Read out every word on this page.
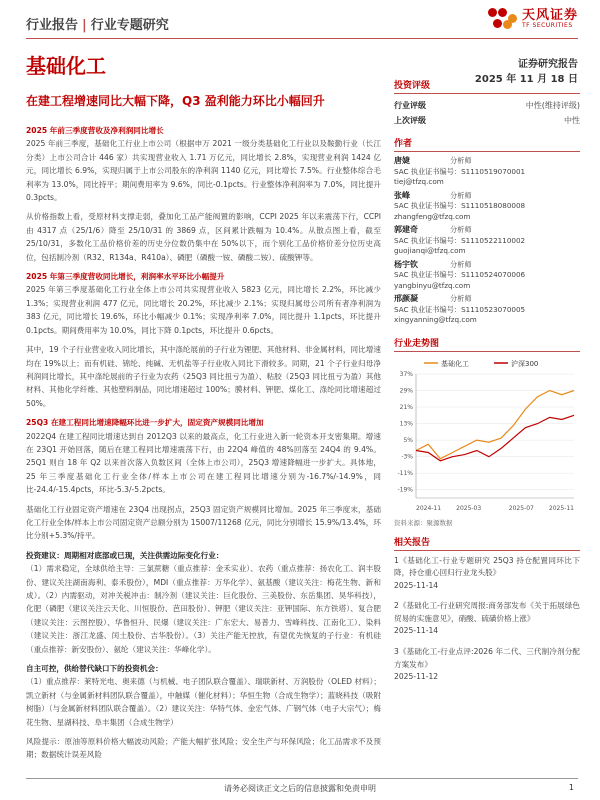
行业报告 | 行业专题研究
天风证券
TF SECURITIES
基础化工	证券研究报告
2025 年 11 月 18 日
在建工程增速同比大幅下降，Q3 盈利能力环比小幅回升
2025 年前三季度营收及净利润同比增长

2025 年前三季度，基础化工行业上市公司（根据申万 2021 一级分类基础化工行业以及鞍勤行业（长江分类）上市公司合计 446 家）共实现营业收入 1.71 万亿元，同比增长 2.8%，实现营业利润 1424 亿元，同比增长 6.9%，实现归属于上市公司股东的净利润 1140 亿元，同比增长 7.5%。行业整体综合毛利率为 13.0%，同比持平；期间费用率为 9.6%，同比-0.1pcts。行业整体净利润率为 7.0%，同比提升 0.3pcts。

从价格指数上看，受原材料支撑走弱，叠加化工品产能阀置的影响，CCPI 2025 年以来震荡下行，CCPI 由 4317 点（25/1/6）降至 25/10/31 的 3869 点，区间累计跌幅为 10.4%。从散点图上看，截至 25/10/31，多数化工品价格价差的历史分位数仍集中在 50%以下，而个别化工品价格价差分位历史高位，包括制冷剂（R32、R134a、R410a）、磷肥（磷酸一铵、磷酸二铵）、硫酸钾等。

2025 年第三季度营收同比增长，利润率水平环比小幅提升

2025 年第三季度基础化工行业全体上市公司共实现营业收入 5823 亿元，同比增长 2.2%，环比减少 1.3%；实现营业利润 477 亿元，同比增长 20.2%，环比减少 2.1%；实现归属母公司所有者净利润为 383 亿元，同比增长 19.6%，环比小幅减少 0.1%；实现净利率 7.0%，同比提升 1.1pcts，环比提升 0.1pcts。期间费用率为 10.0%，同比下降 0.1pcts，环比提升 0.6pcts。

其中，19 个子行业营业收入同比增长，其中涤纶展前的子行业为锂肥、其他材料、非金属材料，同比增速均在 19%以上；而有机硅、锦纶、纯碱、无机盐等子行业收入同比下滑较多。同期，21 个子行业归母净利润同比增长，其中涤纶展前的子行业为农药（25Q3 同比扭亏为盈）、粘胶（25Q3 同比扭亏为盈）其他材料、其他化学纤维、其他塑料制品，同比增速超过 100%；膜材料、钾肥、煤化工、涤纶同比增速超过 50%。

25Q3 在建工程同比增速降幅环比进一步扩大，固定资产规模同比增加

2022Q4 在建工程同比增速达到自 2012Q3 以来的最高点，化工行业进入新一轮资本开支密集期。增速在 23Q1 开始回落，随后在建工程同比增速震荡下行，由 22Q4 峰值的 48%回落至 24Q4 的 9.4%。25Q1 则自 18 年 Q2 以来首次落入负数区间（全体上市公司），25Q3 增速降幅进一步扩大。具体地，25 年三季度基础化工行业全体/样本上市公司在建工程同比增速分别为-16.7%/-14.9%，同比-24.4/-15.4pcts，环比-5.3/-5.2pcts。

基础化工行业固定资产增速在 23Q4 出现拐点，25Q3 固定资产规模同比增加。2025 年三季度末，基础化工行业全体/样本上市公司固定资产总额分别为 15007/11268 亿元，同比分别增长 15.9%/13.4%，环比分别+5.3%/持平。

投资建议：周期相对底部或已现，关注供需边际变化行业：

（1）需求稳定，全球供给主导：三氯蔗糖（重点推荐：金禾实业）、农药（重点推荐：扬农化工、润丰股份、建议关注湖南海利、泰禾股份），MDI（重点推荐：万华化学）、氨基酸（建议关注：梅花生物、新和成）。（2）内需驱动，对冲关税冲击：制冷剂（建议关注：巨化股份、三美股份、东岳集团、昊华科技），化肥（磷肥（建议关注云天化、川恒股份、芭田股份）、钾肥（建议关注：亚钾国际、东方铁塔）、复合肥（建议关注：云图控股）、华鲁恒升、民爆（建议关注：广东宏大、易普力、雪峰科技、江南化工）、染料（建议关注：浙江龙盛、闰土股份、吉华股份）。（3）关注产能无控放，有望优先恢复的子行业：有机硅（重点推荐：新安股份）、氨纶（建议关注：华峰化学）。

自主可控，供给替代缺口下的投资机会：

（1）重点推荐：莱特光电、奥来德（与机械、电子团队联合覆盖）、瑞联新材、万润股份（OLED 材料）；凯立新材（与金属新材料团队联合覆盖），中触媒（催化材料）；华恒生物（合成生物学）；蓝晓科技（吸附树脂）（与金属新材料团队联合覆盖）。（2）建议关注：华特气体、金宏气体、广钢气体（电子大宗气）；梅花生物、星湖科技、阜丰集团（合成生物学）

风险提示：原油等原料价格大幅波动风险；产能大幅扩张风险；安全生产与环保风险；化工品需求不及预期；数据统计误差风险

投资评级
行业评级	中性(维持评级)
上次评级	中性
作者
唐婕	分析师
SAC 执业证书编号：S1110519070001
tiej@tfzq.com
张峰	分析师
SAC 执业证书编号：S1110518080008
zhangfeng@tfzq.com
郭建奇	分析师
SAC 执业证书编号：S1110522110002
guojianqi@tfzq.com
杨宇钦	分析师
SAC 执业证书编号：S1110524070006
yangbinyu@tfzq.com
邢颜凝	分析师
SAC 执业证书编号：S1110523070005
xingyanning@tfzq.com
行业走势图
基础化工	沪深300
37%
29%
21%
13%
5%
-3%
-11%
-19%
2024-11	2025-03	2025-07	2025-11
资料来源：聚源数据
相关报告
1《基础化工-行业专题研究 25Q3 持仓配置同环比下降，持仓重心回归行业龙头股》
2025-11-14
2《基础化工-行业研究周报:商务部发布《关于拓展绿色贸易的实施意见》，硝酸、硫磺价格上涨》
2025-11-14
3《基础化工-行业点评:2026 年二代、三代制冷剂分配方案发布》
2025-11-12
请务必阅读正文之后的信息披露和免责申明	1
